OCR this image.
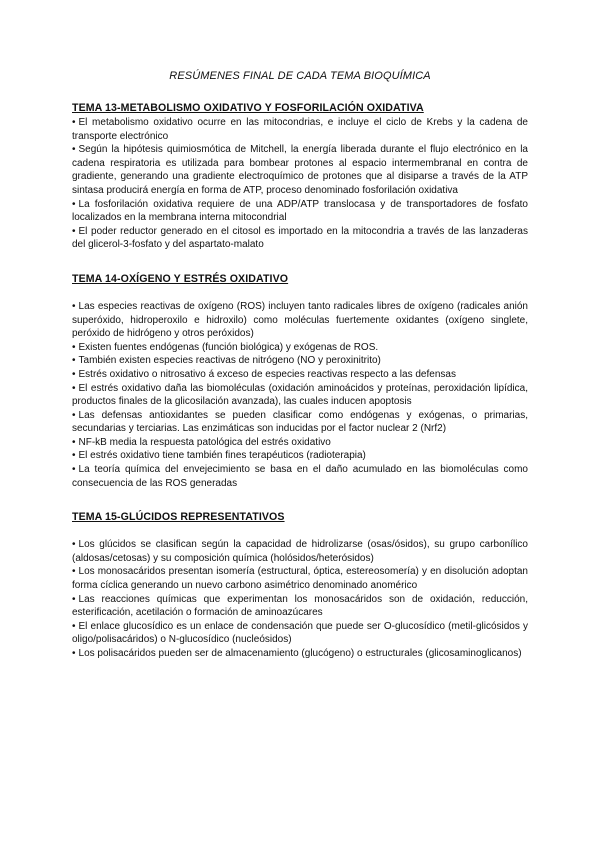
RESÚMENES FINAL DE CADA TEMA BIOQUÍMICA
TEMA 13-METABOLISMO OXIDATIVO Y FOSFORILACIÓN OXIDATIVA

• El metabolismo oxidativo ocurre en las mitocondrias, e incluye el ciclo de Krebs y la cadena de transporte electrónico

• Según la hipótesis quimiosmótica de Mitchell, la energía liberada durante el flujo electrónico en la cadena respiratoria es utilizada para bombear protones al espacio intermembranal en contra de gradiente, generando una gradiente electroquímico de protones que al disiparse a través de la ATP sintasa producirá energía en forma de ATP, proceso denominado fosforilación oxidativa

• La fosforilación oxidativa requiere de una ADP/ATP translocasa y de transportadores de fosfato localizados en la membrana interna mitocondrial

• El poder reductor generado en el citosol es importado en la mitocondria a través de las lanzaderas del glicerol-3-fosfato y del aspartato-malato

TEMA 14-OXÍGENO Y ESTRÉS OXIDATIVO

• Las especies reactivas de oxígeno (ROS) incluyen tanto radicales libres de oxígeno (radicales anión superóxido, hidroperoxilo e hidroxilo) como moléculas fuertemente oxidantes (oxígeno singlete, peróxido de hidrógeno y otros peróxidos)

• Existen fuentes endógenas (función biológica) y exógenas de ROS.

• También existen especies reactivas de nitrógeno (NO y peroxinitrito)

• Estrés oxidativo o nitrosativo á exceso de especies reactivas respecto a las defensas

• El estrés oxidativo daña las biomoléculas (oxidación aminoácidos y proteínas, peroxidación lipídica, productos finales de la glicosilación avanzada), las cuales inducen apoptosis

• Las defensas antioxidantes se pueden clasificar como endógenas y exógenas, o primarias, secundarias y terciarias. Las enzimáticas son inducidas por el factor nuclear 2 (Nrf2)

• NF-kB media la respuesta patológica del estrés oxidativo

• El estrés oxidativo tiene también fines terapéuticos (radioterapia)

• La teoría química del envejecimiento se basa en el daño acumulado en las biomoléculas como consecuencia de las ROS generadas

TEMA 15-GLÚCIDOS REPRESENTATIVOS

• Los glúcidos se clasifican según la capacidad de hidrolizarse (osas/ósidos), su grupo carbonílico (aldosas/cetosas) y su composición química (holósidos/heterósidos)

• Los monosacáridos presentan isomería (estructural, óptica, estereosomería) y en disolución adoptan forma cíclica generando un nuevo carbono asimétrico denominado anomérico

• Las reacciones químicas que experimentan los monosacáridos son de oxidación, reducción, esterificación, acetilación o formación de aminoazúcares

• El enlace glucosídico es un enlace de condensación que puede ser O-glucosídico (metil-glicósidos y oligo/polisacáridos) o N-glucosídico (nucleósidos)

• Los polisacáridos pueden ser de almacenamiento (glucógeno) o estructurales (glicosaminoglicanos)
